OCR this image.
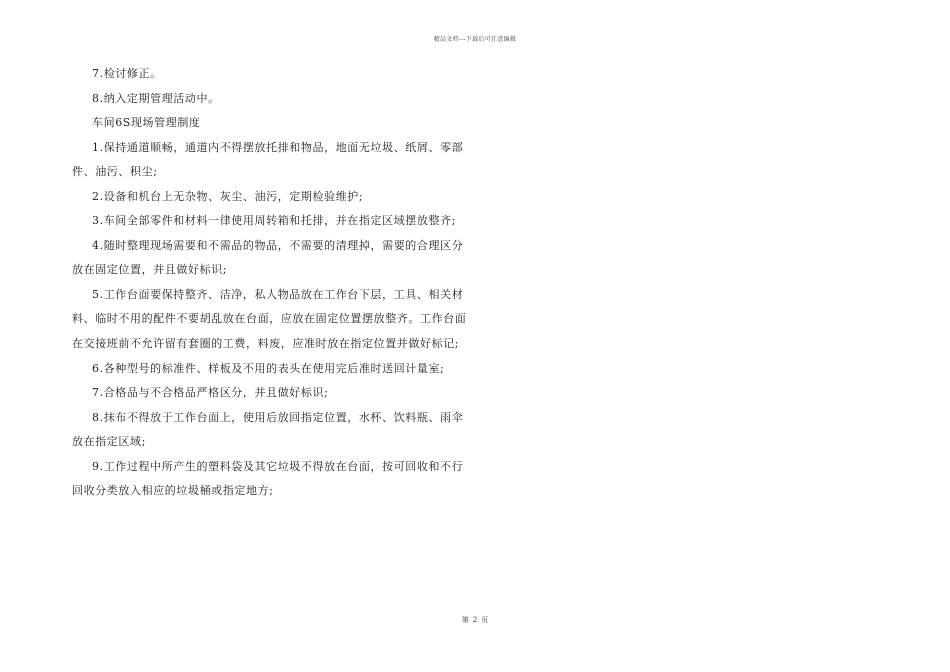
精品文档---下载后可任意编辑
7.检讨修正。
8.纳入定期管理活动中。
车间6S现场管理制度
1.保持通道顺畅，通道内不得摆放托排和物品，地面无垃圾、纸屑、零部
件、油污、积尘;
2.设备和机台上无杂物、灰尘、油污，定期检验维护;
3.车间全部零件和材料一律使用周转箱和托排，并在指定区域摆放整齐;
4.随时整理现场需要和不需品的物品，不需要的清理掉，需要的合理区分
放在固定位置，并且做好标识;
5.工作台面要保持整齐、洁净，私人物品放在工作台下层，工具、相关材
料、临时不用的配件不要胡乱放在台面，应放在固定位置摆放整齐。工作台面
在交接班前不允许留有套圈的工费，料废，应准时放在指定位置并做好标记;
6.各种型号的标准件、样板及不用的表头在使用完后准时送回计量室;
7.合格品与不合格品严格区分，并且做好标识;
8.抹布不得放于工作台面上，使用后放回指定位置，水杯、饮料瓶、雨伞
放在指定区域;
9.工作过程中所产生的塑料袋及其它垃圾不得放在台面，按可回收和不行
回收分类放入相应的垃圾桶或指定地方;
第 2 页
